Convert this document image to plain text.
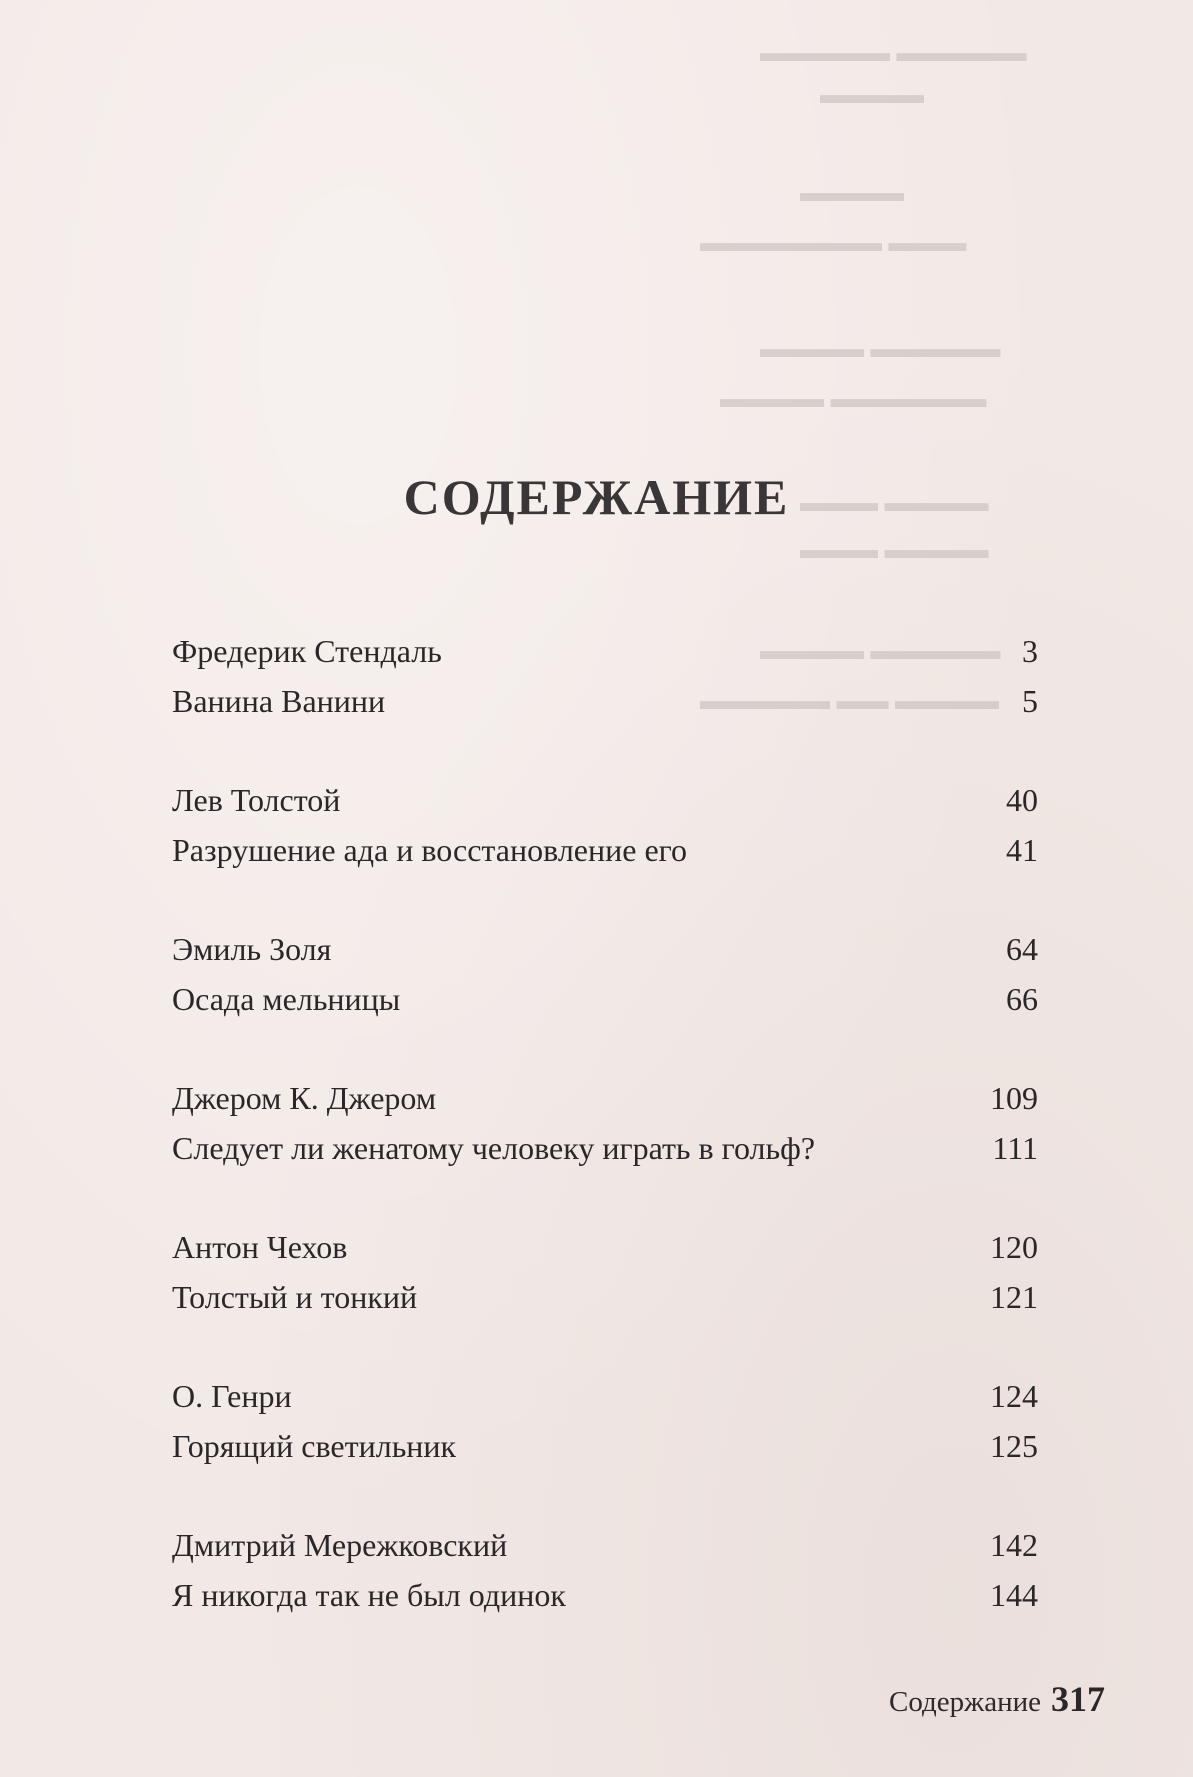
▬▬▬▬▬ ▬▬▬▬▬
▬▬▬▬
▬▬▬▬
▬▬▬ ▬▬▬▬▬▬▬
▬▬▬▬▬ ▬▬▬▬
▬▬▬▬▬▬ ▬▬▬▬
▬▬▬▬ ▬▬▬
▬▬▬▬ ▬▬▬
▬▬▬▬▬ ▬▬▬▬
▬▬▬▬ ▬▬ ▬▬▬▬▬
СОДЕРЖАНИЕ
Фредерик Стендаль	3
Ванина Ванини	5
Лев Толстой	40
Разрушение ада и восстановление его	41
Эмиль Золя	64
Осада мельницы	66
Джером К. Джером	109
Следует ли женатому человеку играть в гольф?	111
Антон Чехов	120
Толстый и тонкий	121
О. Генри	124
Горящий светильник	125
Дмитрий Мережковский	142
Я никогда так не был одинок	144
Содержание 317
